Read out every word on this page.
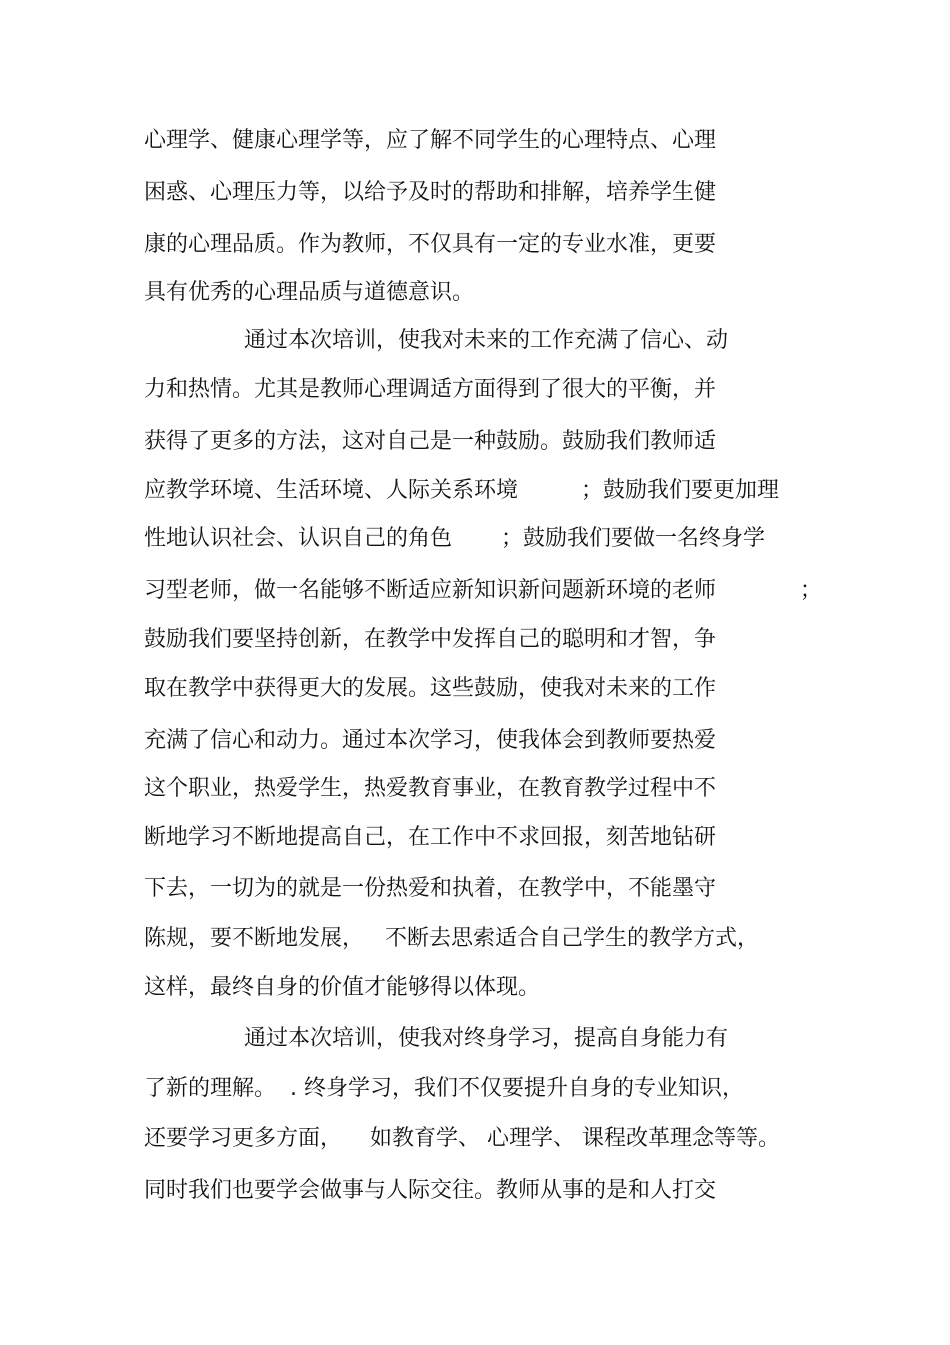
心理学、健康心理学等，应了解不同学生的心理特点、心理
困惑、心理压力等，以给予及时的帮助和排解，培养学生健
康的心理品质。作为教师，不仅具有一定的专业水准，更要
具有优秀的心理品质与道德意识。
通过本次培训，使我对未来的工作充满了信心、动
力和热情。尤其是教师心理调适方面得到了很大的平衡，并
获得了更多的方法，这对自己是一种鼓励。鼓励我们教师适
应教学环境、生活环境、人际关系环境         ；鼓励我们要更加理
性地认识社会、认识自己的角色       ；鼓励我们要做一名终身学
习型老师，做一名能够不断适应新知识新问题新环境的老师            ；
鼓励我们要坚持创新，在教学中发挥自己的聪明和才智，争
取在教学中获得更大的发展。这些鼓励，使我对未来的工作
充满了信心和动力。通过本次学习，使我体会到教师要热爱
这个职业，热爱学生，热爱教育事业，在教育教学过程中不
断地学习不断地提高自己，在工作中不求回报，刻苦地钻研
下去，一切为的就是一份热爱和执着，在教学中，不能墨守
陈规，要不断地发展，   不断去思索适合自己学生的教学方式，
这样，最终自身的价值才能够得以体现。
通过本次培训，使我对终身学习，提高自身能力有
了新的理解。  . 终身学习，我们不仅要提升自身的专业知识，
还要学习更多方面，    如教育学、 心理学、 课程改革理念等等。
同时我们也要学会做事与人际交往。教师从事的是和人打交
